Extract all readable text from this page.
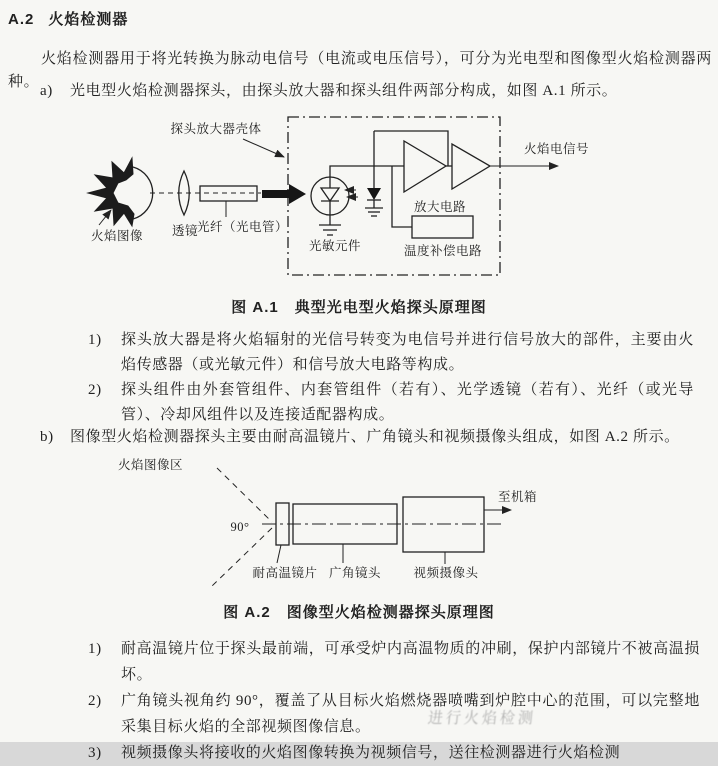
A.2 火焰检测器

火焰检测器用于将光转换为脉动电信号（电流或电压信号），可分为光电型和图像型火焰检测器两种。

a)	光电型火焰检测器探头，由探头放大器和探头组件两部分构成，如图 A.1 所示。
探头放大器壳体
火焰图像 透镜
光纤（光电管）
光敏元件
放大电路
温度补偿电路
火焰电信号
图 A.1　典型光电型火焰探头原理图
1) 探头放大器是将火焰辐射的光信号转变为电信号并进行信号放大的部件，主要由火焰传感器（或光敏元件）和信号放大电路等构成。
2) 探头组件由外套管组件、内套管组件（若有）、光学透镜（若有）、光纤（或光导管）、冷却风组件以及连接适配器构成。
b)	图像型火焰检测器探头主要由耐高温镜片、广角镜头和视频摄像头组成，如图 A.2 所示。
火焰图像区
90°
至机箱
耐高温镜片 广角镜头	视频摄像头
图 A.2　图像型火焰检测器探头原理图
1) 耐高温镜片位于探头最前端，可承受炉内高温物质的冲刷，保护内部镜片不被高温损坏。
2) 广角镜头视角约 90°，覆盖了从目标火焰燃烧器喷嘴到炉腔中心的范围，可以完整地采集目标火焰的全部视频图像信息。
3) 视频摄像头将接收的火焰图像转换为视频信号，送往检测器进行火焰检测
进行火焰检测
